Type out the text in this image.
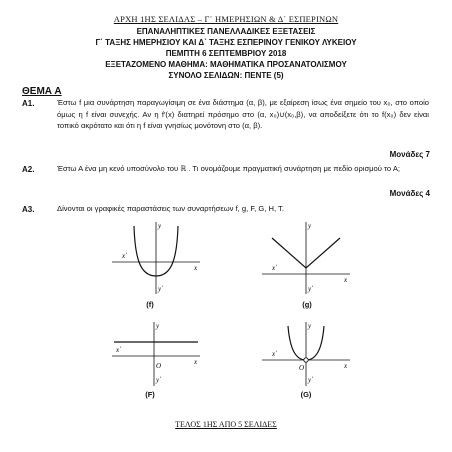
ΑΡΧΗ 1ΗΣ ΣΕΛΙΔΑΣ – Γ΄ ΗΜΕΡΗΣΙΩΝ & Δ΄ ΕΣΠΕΡΙΝΩΝ
ΕΠΑΝΑΛΗΠΤΙΚΕΣ ΠΑΝΕΛΛΑΔΙΚΕΣ ΕΞΕΤΑΣΕΙΣ
Γ΄ ΤΑΞΗΣ ΗΜΕΡΗΣΙΟΥ ΚΑΙ Δ΄ ΤΑΞΗΣ ΕΣΠΕΡΙΝΟΥ ΓΕΝΙΚΟΥ ΛΥΚΕΙΟΥ
ΠΕΜΠΤΗ 6 ΣΕΠΤΕΜΒΡΙΟΥ 2018
ΕΞΕΤΑΖΟΜΕΝΟ ΜΑΘΗΜΑ: ΜΑΘΗΜΑΤΙΚΑ ΠΡΟΣΑΝΑΤΟΛΙΣΜΟΥ
ΣΥΝΟΛΟ ΣΕΛΙΔΩΝ: ΠΕΝΤΕ (5)
ΘΕΜΑ Α
Α1.	Έστω f μια συνάρτηση παραγωγίσιμη σε ένα διάστημα (α, β), με εξαίρεση ίσως ένα σημείο του x₀, στο οποίο όμως η f είναι συνεχής. Αν η f′(x) διατηρεί πρόσημο στο (α, x₀)∪(x₀,β), να αποδείξετε ότι το f(x₀) δεν είναι τοπικό ακρότατο και ότι η f είναι γνησίως μονότονη στο (α, β).
Μονάδες 7
Α2.	Έστω Α ένα μη κενό υποσύνολο του ℝ . Τι ονομάζουμε πραγματική συνάρτηση με πεδίο ορισμού το Α;
Μονάδες 4
Α3.	Δίνονται οι γραφικές παραστάσεις των συναρτήσεων f, g, F, G, H, T.
x΄
x
y
y΄
(f)
x΄
x
y
y΄
(g)
x΄
x
y
O
y΄
(F)
x΄
x
y
O
y΄
(G)
ΤΕΛΟΣ 1ΗΣ ΑΠΟ 5 ΣΕΛΙΔΕΣ
